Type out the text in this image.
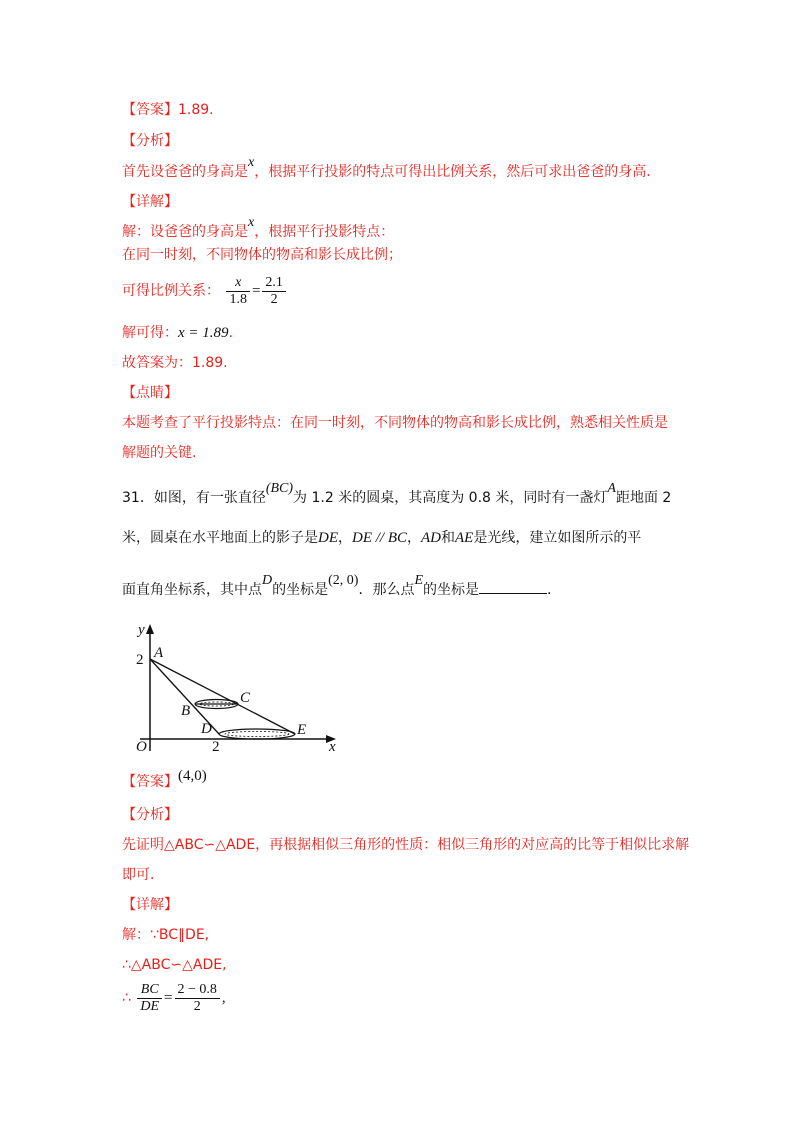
【答案】1.89.
【分析】
首先设爸爸的身高是x，根据平行投影的特点可得出比例关系，然后可求出爸爸的身高.
【详解】
解：设爸爸的身高是x，根据平行投影特点：
在同一时刻，不同物体的物高和影长成比例；
可得比例关系： $\frac{x}{1.8} = \frac{2.1}{2}$
解可得：x = 1.89.
故答案为：1.89.
【点睛】
本题考查了平行投影特点：在同一时刻，不同物体的物高和影长成比例，熟悉相关性质是
解题的关键.
31．如图，有一张直径(BC)为 1.2 米的圆桌，其高度为 0.8 米，同时有一盏灯A距地面 2
米，圆桌在水平地面上的影子是DE，DE // BC，AD和AE是光线，建立如图所示的平
面直角坐标系，其中点D的坐标是(2, 0)．那么点E的坐标是	.
y
2 A
C
B
D
O	2
E
x
【答案】(4,0)
【分析】
先证明△ABC∽△ADE，再根据相似三角形的性质：相似三角形的对应高的比等于相似比求解
即可.
【详解】
解：∵BC∥DE,
∴△ABC∽△ADE,
∴ $\frac{BC}{DE} = \frac{2 - 0.8}{2}$ ,
